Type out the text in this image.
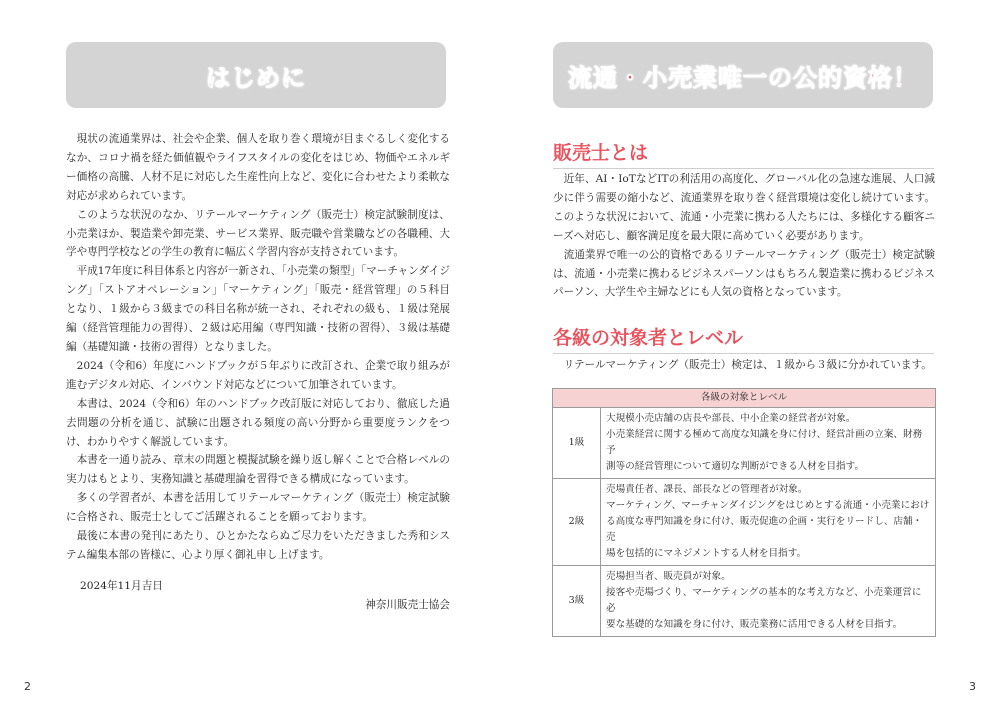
はじめに

現状の流通業界は、社会や企業、個人を取り巻く環境が目まぐるしく変化するなか、コロナ禍を経た価値観やライフスタイルの変化をはじめ、物価やエネルギー価格の高騰、人材不足に対応した生産性向上など、変化に合わせたより柔軟な対応が求められています。

このような状況のなか、リテールマーケティング（販売士）検定試験制度は、小売業ほか、製造業や卸売業、サービス業界、販売職や営業職などの各職種、大学や専門学校などの学生の教育に幅広く学習内容が支持されています。

平成17年度に科目体系と内容が一新され、「小売業の類型」「マーチャンダイジング」「ストアオペレーション」「マーケティング」「販売・経営管理」の５科目となり、１級から３級までの科目名称が統一され、それぞれの級も、１級は発展編（経営管理能力の習得）、２級は応用編（専門知識・技術の習得）、３級は基礎編（基礎知識・技術の習得）となりました。

2024（令和6）年度にハンドブックが５年ぶりに改訂され、企業で取り組みが進むデジタル対応、インバウンド対応などについて加筆されています。

本書は、2024（令和6）年のハンドブック改訂版に対応しており、徹底した過去問題の分析を通じ、試験に出題される頻度の高い分野から重要度ランクをつけ、わかりやすく解説しています。

本書を一通り読み、章末の問題と模擬試験を繰り返し解くことで合格レベルの実力はもとより、実務知識と基礎理論を習得できる構成になっています。

多くの学習者が、本書を活用してリテールマーケティング（販売士）検定試験に合格され、販売士としてご活躍されることを願っております。

最後に本書の発刊にあたり、ひとかたならぬご尽力をいただきました秀和システム編集本部の皆様に、心より厚く御礼申し上げます。

2024年11月吉日
神奈川販売士協会
2
流通・小売業唯一の公的資格！
販売士とは

近年、AI・IoTなどITの利活用の高度化、グローバル化の急速な進展、人口減少に伴う需要の縮小など、流通業界を取り巻く経営環境は変化し続けています。このような状況において、流通・小売業に携わる人たちには、多様化する顧客ニーズへ対応し、顧客満足度を最大限に高めていく必要があります。

流通業界で唯一の公的資格であるリテールマーケティング（販売士）検定試験は、流通・小売業に携わるビジネスパーソンはもちろん製造業に携わるビジネスパーソン、大学生や主婦などにも人気の資格となっています。

各級の対象者とレベル

リテールマーケティング（販売士）検定は、１級から３級に分かれています。

各級の対象とレベル	
1級	大規模小売店舗の店長や部長、中小企業の経営者が対象。
小売業経営に関する極めて高度な知識を身に付け、経営計画の立案、財務予
測等の経営管理について適切な判断ができる人材を目指す。

2級	売場責任者、課長、部長などの管理者が対象。
マーケティング、マーチャンダイジングをはじめとする流通・小売業におけ
る高度な専門知識を身に付け、販売促進の企画・実行をリードし、店舗・売
場を包括的にマネジメントする人材を目指す。

3級	売場担当者、販売員が対象。
接客や売場づくり、マーケティングの基本的な考え方など、小売業運営に必
要な基礎的な知識を身に付け、販売業務に活用できる人材を目指す。
3
